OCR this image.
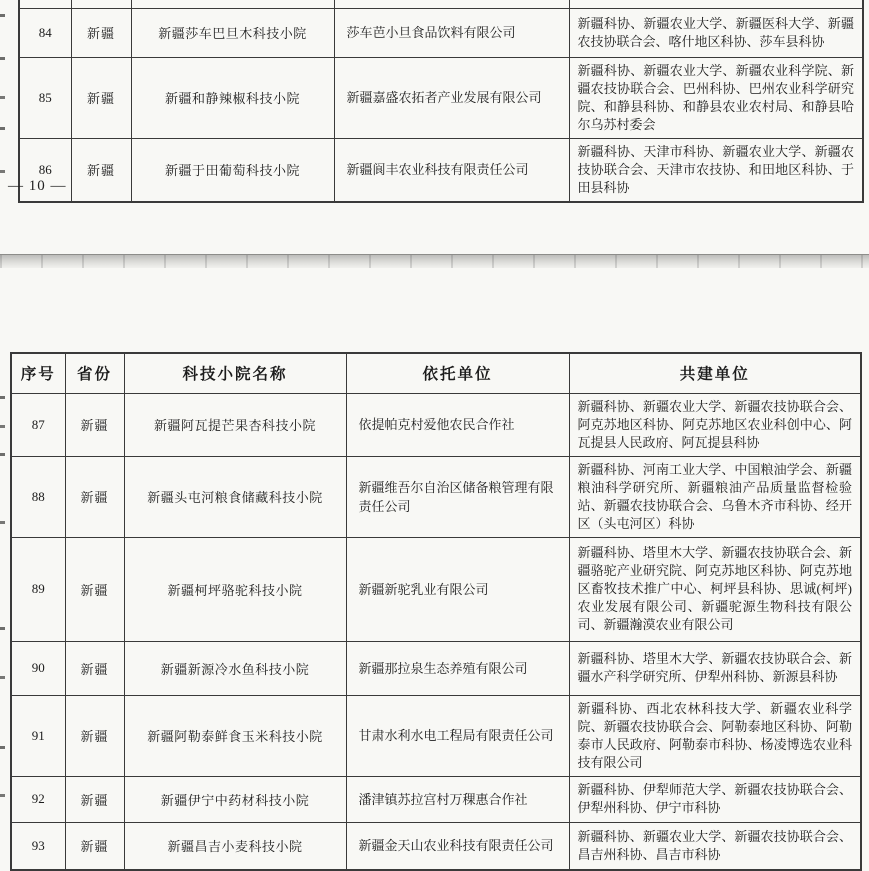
84	新疆	新疆莎车巴旦木科技小院	莎车芭小旦食品饮料有限公司	新疆科协、新疆农业大学、新疆医科大学、新疆农技协联合会、喀什地区科协、莎车县科协
85	新疆	新疆和静辣椒科技小院	新疆嘉盛农拓者产业发展有限公司	新疆科协、新疆农业大学、新疆农业科学院、新疆农技协联合会、巴州科协、巴州农业科学研究院、和静县科协、和静县农业农村局、和静县哈尔乌苏村委会
86	新疆	新疆于田葡萄科技小院	新疆阆丰农业科技有限责任公司	新疆科协、天津市科协、新疆农业大学、新疆农技协联合会、天津市农技协、和田地区科协、于田县科协
— 10 —
序号	省份	科技小院名称	依托单位	共建单位
87	新疆	新疆阿瓦提芒果杏科技小院	依提帕克村爱他农民合作社	新疆科协、新疆农业大学、新疆农技协联合会、阿克苏地区科协、阿克苏地区农业科创中心、阿瓦提县人民政府、阿瓦提县科协
88	新疆	新疆头屯河粮食储藏科技小院	新疆维吾尔自治区储备粮管理有限责任公司	新疆科协、河南工业大学、中国粮油学会、新疆粮油科学研究所、新疆粮油产品质量监督检验站、新疆农技协联合会、乌鲁木齐市科协、经开区（头屯河区）科协
89	新疆	新疆柯坪骆驼科技小院	新疆新驼乳业有限公司	新疆科协、塔里木大学、新疆农技协联合会、新疆骆驼产业研究院、阿克苏地区科协、阿克苏地区畜牧技术推广中心、柯坪县科协、思诚(柯坪)农业发展有限公司、新疆驼源生物科技有限公司、新疆瀚漠农业有限公司
90	新疆	新疆新源冷水鱼科技小院	新疆那拉泉生态养殖有限公司	新疆科协、塔里木大学、新疆农技协联合会、新疆水产科学研究所、伊犁州科协、新源县科协
91	新疆	新疆阿勒泰鲜食玉米科技小院	甘肃水利水电工程局有限责任公司	新疆科协、西北农林科技大学、新疆农业科学院、新疆农技协联合会、阿勒泰地区科协、阿勒泰市人民政府、阿勒泰市科协、杨凌博选农业科技有限公司
92	新疆	新疆伊宁中药材科技小院	潘津镇苏拉宫村万稞惠合作社	新疆科协、伊犁师范大学、新疆农技协联合会、伊犁州科协、伊宁市科协
93	新疆	新疆昌吉小麦科技小院	新疆金天山农业科技有限责任公司	新疆科协、新疆农业大学、新疆农技协联合会、昌吉州科协、昌吉市科协
